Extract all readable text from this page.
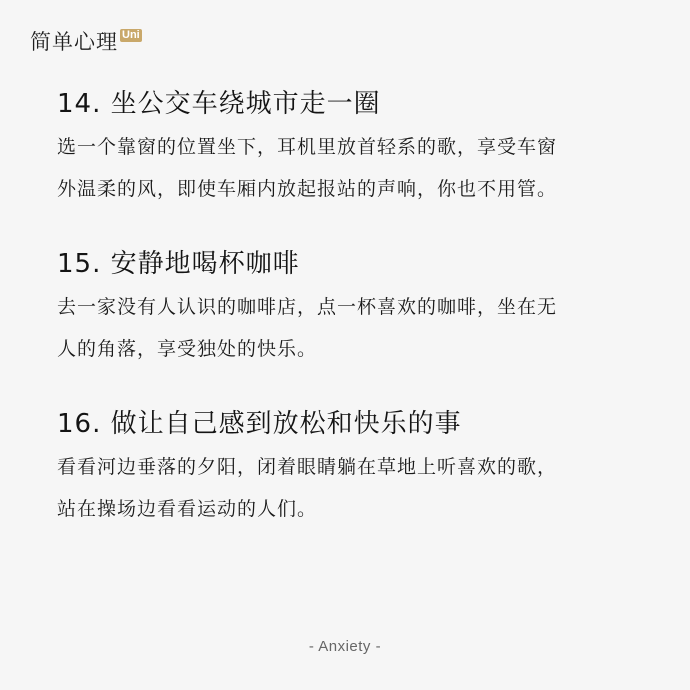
简单心理 Uni
14. 坐公交车绕城市走一圈
选一个靠窗的位置坐下，耳机里放首轻系的歌，享受车窗
外温柔的风，即使车厢内放起报站的声响，你也不用管。
15. 安静地喝杯咖啡
去一家没有人认识的咖啡店，点一杯喜欢的咖啡，坐在无
人的角落，享受独处的快乐。
16. 做让自己感到放松和快乐的事
看看河边垂落的夕阳，闭着眼睛躺在草地上听喜欢的歌，
站在操场边看看运动的人们。
- Anxiety -
